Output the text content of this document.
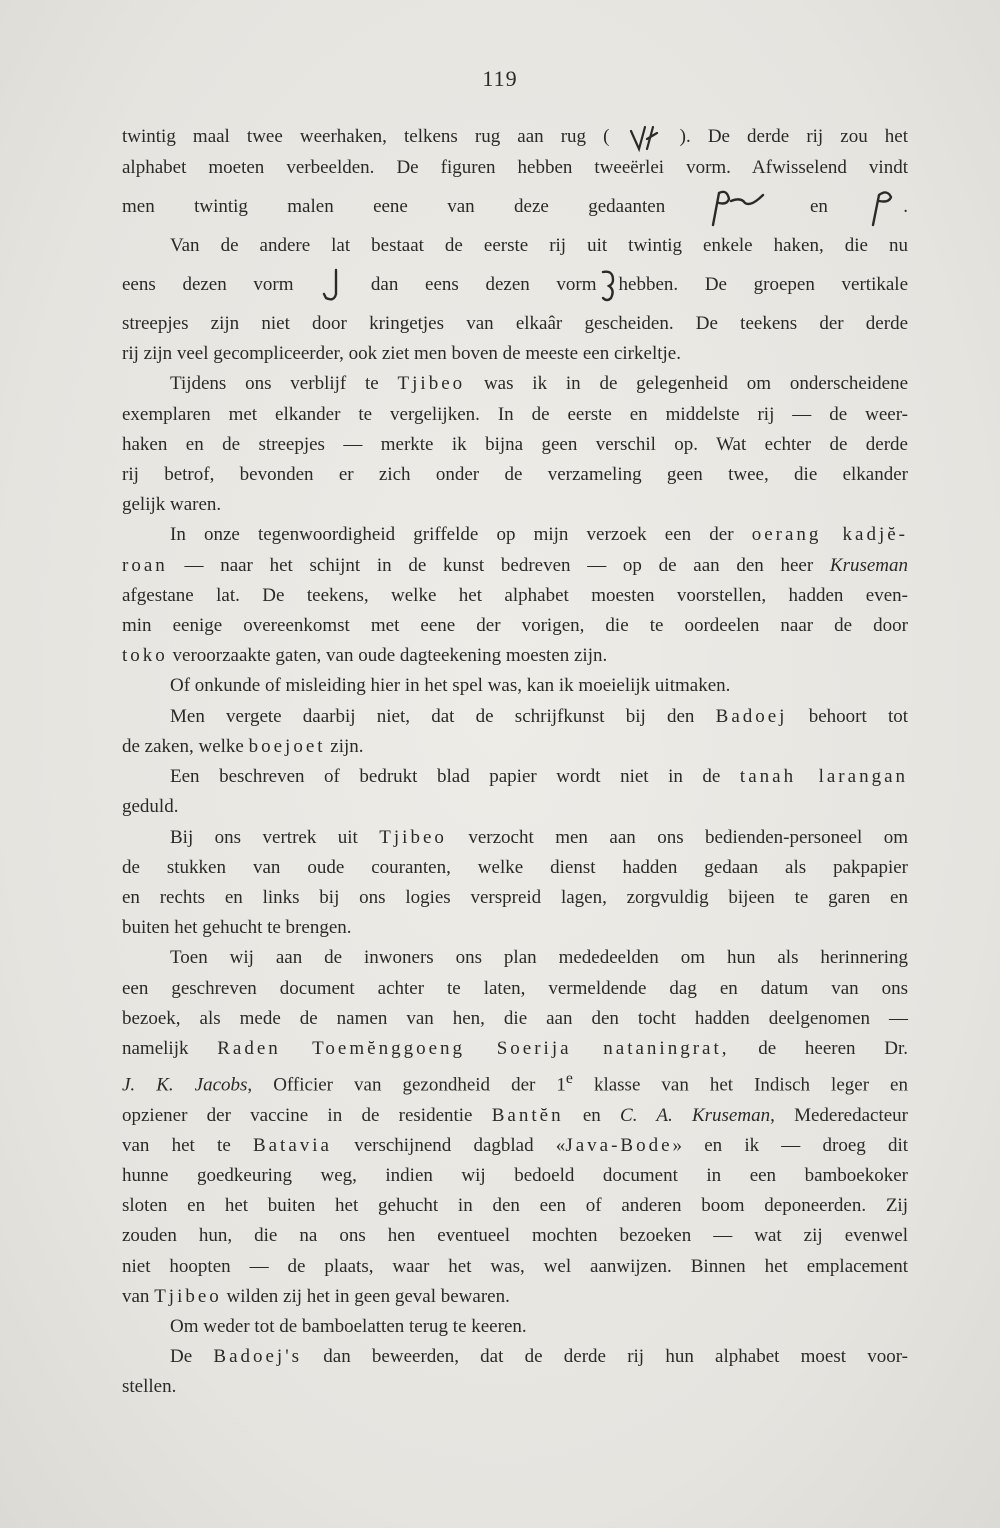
119

twintig maal twee weerhaken, telkens rug aan rug (	). De derde rij zou het

alphabet moeten verbeelden. De figuren hebben tweeërlei vorm. Afwisselend vindt

men twintig malen eene van deze gedaanten	en	.

Van de andere lat bestaat de eerste rij uit twintig enkele haken, die nu

eens dezen vorm	dan eens dezen vorm hebben. De groepen vertikale

streepjes zijn niet door kringetjes van elkaâr gescheiden. De teekens der derde

rij zijn veel gecompliceerder, ook ziet men boven de meeste een cirkeltje.

Tijdens ons verblijf te Tjibeo was ik in de gelegenheid om onderscheidene

exemplaren met elkander te vergelijken. In de eerste en middelste rij — de weer-

haken en de streepjes — merkte ik bijna geen verschil op. Wat echter de derde

rij betrof, bevonden er zich onder de verzameling geen twee, die elkander

gelijk waren.

In onze tegenwoordigheid griffelde op mijn verzoek een der oerang kadjĕ-

roan — naar het schijnt in de kunst bedreven — op de aan den heer Kruseman

afgestane lat. De teekens, welke het alphabet moesten voorstellen, hadden even-

min eenige overeenkomst met eene der vorigen, die te oordeelen naar de door

toko veroorzaakte gaten, van oude dagteekening moesten zijn.

Of onkunde of misleiding hier in het spel was, kan ik moeielijk uitmaken.

Men vergete daarbij niet, dat de schrijfkunst bij den Badoej behoort tot

de zaken, welke boejoet zijn.

Een beschreven of bedrukt blad papier wordt niet in de tanah larangan

geduld.

Bij ons vertrek uit Tjibeo verzocht men aan ons bedienden-personeel om

de stukken van oude couranten, welke dienst hadden gedaan als pakpapier

en rechts en links bij ons logies verspreid lagen, zorgvuldig bijeen te garen en

buiten het gehucht te brengen.

Toen wij aan de inwoners ons plan mededeelden om hun als herinnering

een geschreven document achter te laten, vermeldende dag en datum van ons

bezoek, als mede de namen van hen, die aan den tocht hadden deelgenomen —

namelijk Raden Toemĕnggoeng Soerija nataningrat, de heeren Dr.

J. K. Jacobs, Officier van gezondheid der 1e klasse van het Indisch leger en

opziener der vaccine in de residentie Bantĕn en C. A. Kruseman, Mederedacteur

van het te Batavia verschijnend dagblad «Java-Bode» en ik — droeg dit

hunne goedkeuring weg, indien wij bedoeld document in een bamboekoker

sloten en het buiten het gehucht in den een of anderen boom deponeerden. Zij

zouden hun, die na ons hen eventueel mochten bezoeken — wat zij evenwel

niet hoopten — de plaats, waar het was, wel aanwijzen. Binnen het emplacement

van Tjibeo wilden zij het in geen geval bewaren.

Om weder tot de bamboelatten terug te keeren.

De Badoej's dan beweerden, dat de derde rij hun alphabet moest voor-

stellen.
